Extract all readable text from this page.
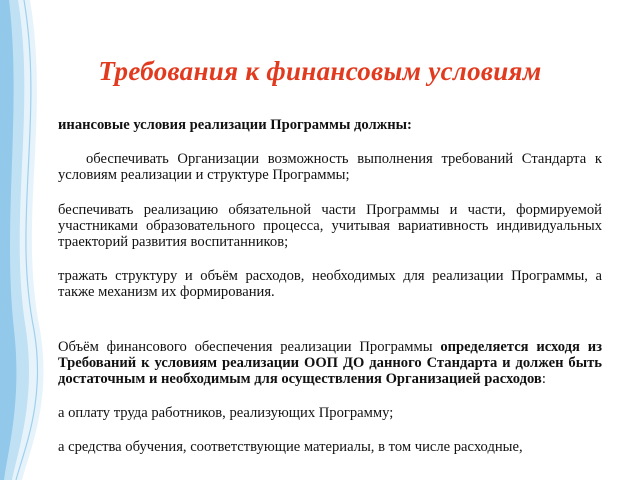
Требования к финансовым условиям

инансовые условия реализации Программы должны:

обеспечивать Организации возможность выполнения требований Стандарта к условиям реализации и структуре Программы;

беспечивать реализацию обязательной части Программы и части, формируемой участниками образовательного процесса, учитывая вариативность индивидуальных траекторий развития воспитанников;

тражать структуру и объём расходов, необходимых для реализации Программы, а также механизм их формирования.

Объём финансового обеспечения реализации Программы определяется исходя из Требований к условиям реализации ООП ДО данного Стандарта и должен быть достаточным и необходимым для осуществления Организацией расходов:

а оплату труда работников, реализующих Программу;

а средства обучения, соответствующие материалы, в том числе расходные,
